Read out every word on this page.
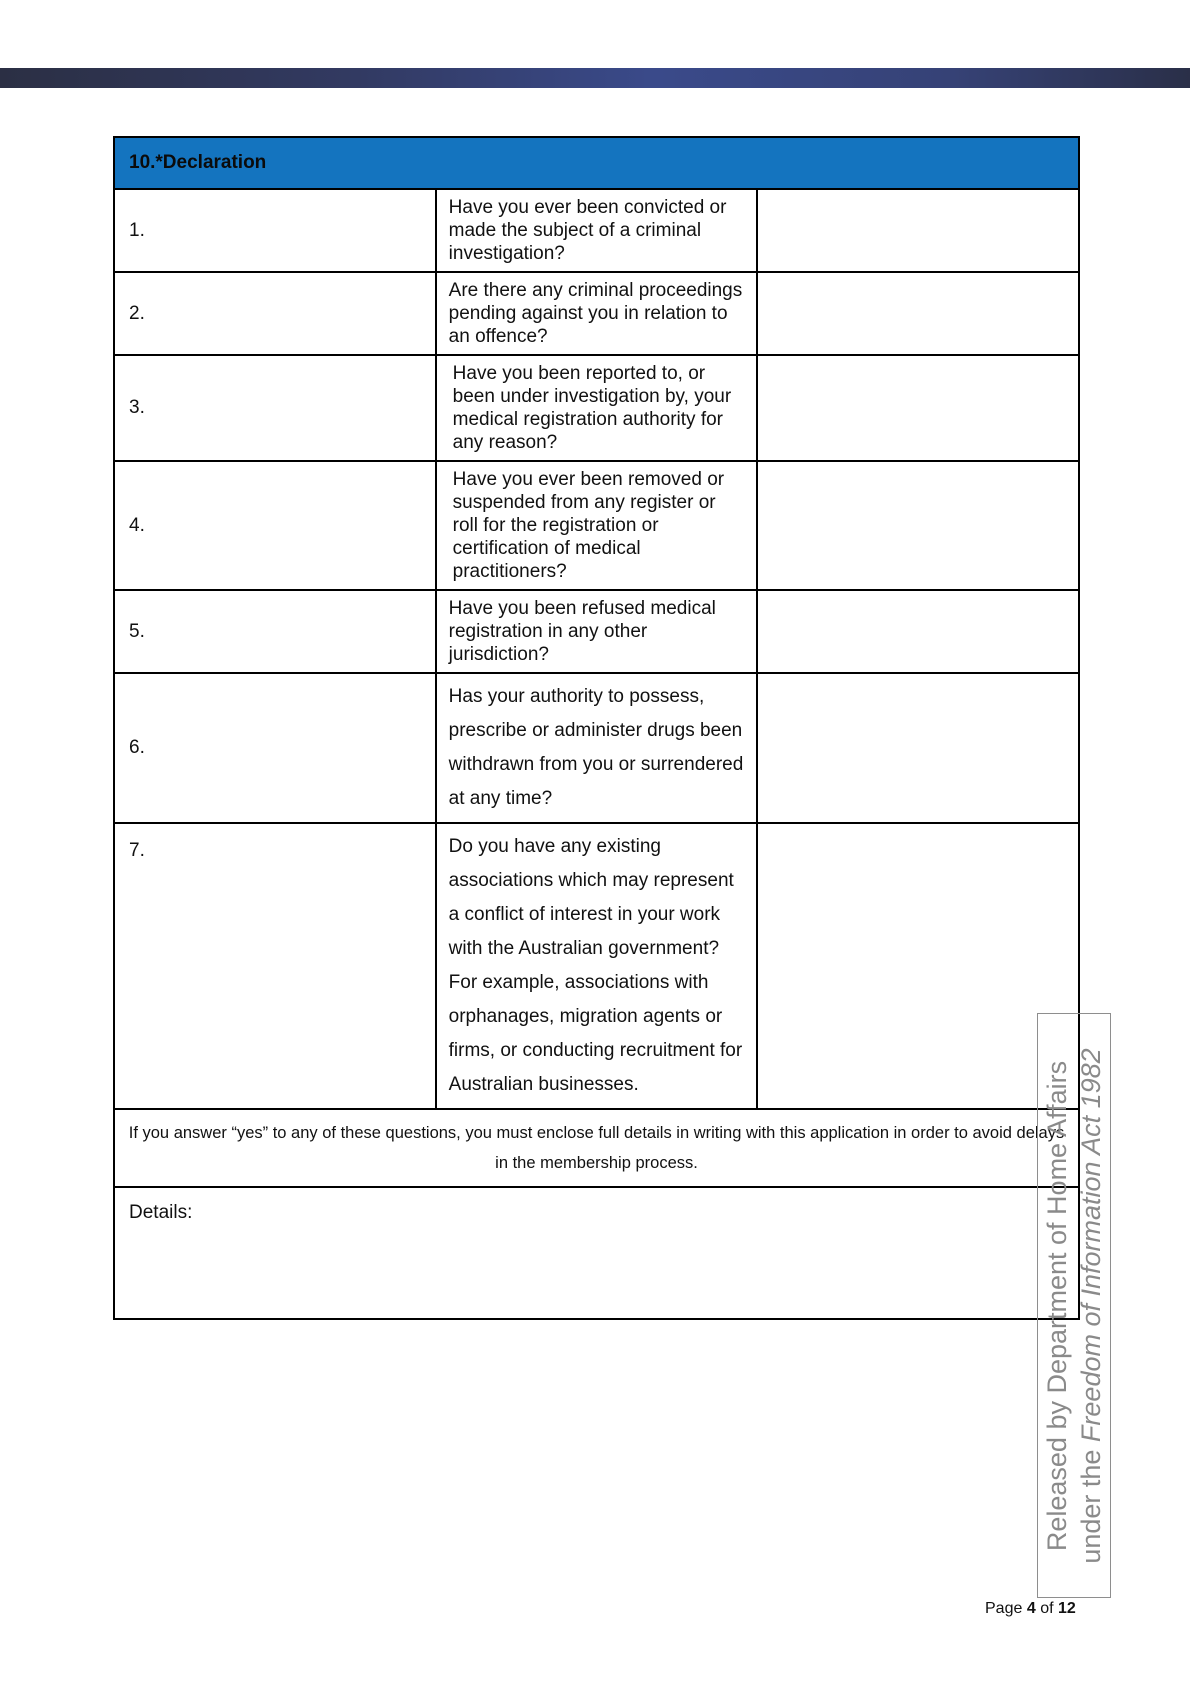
10.*Declaration		
1.	Have you ever been convicted or made the subject of a criminal investigation?	
2.	Are there any criminal proceedings pending against you in relation to an offence?	
3.	Have you been reported to, or been under investigation by, your medical registration authority for any reason?	
4.	Have you ever been removed or suspended from any register or roll for the registration or certification of medical practitioners?	
5.	Have you been refused medical registration in any other jurisdiction?	
6.	Has your authority to possess, prescribe or administer drugs been withdrawn from you or surrendered at any time?	
7.	Do you have any existing associations which may represent a conflict of interest in your work with the Australian government? For example, associations with orphanages, migration agents or firms, or conducting recruitment for Australian businesses.	
If you answer “yes” to any of these questions, you must enclose full details in writing with this application in order to avoid delays in the membership process.		
Details:			Released by Department of Home Affairs under the Freedom of Information Act 1982
Page 4 of 12
